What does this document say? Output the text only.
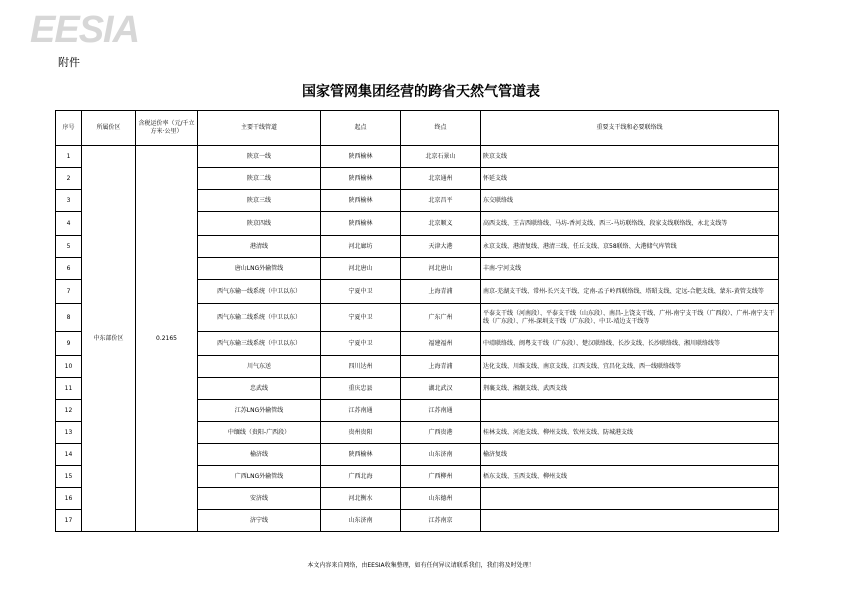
EESIA
附件
国家管网集团经营的跨省天然气管道表
序号	所属价区	含税运价率（元/千立方米·公里）	主要干线管道	起点	终点	重要支干线和必要联络线
1	中东部价区	0.2165	陕京一线	陕西榆林	北京石景山	陕京支线
2			陕京二线	陕西榆林	北京通州	怀延支线
3			陕京三线	陕西榆林	北京昌平	东交联络线
4			陕京四线	陕西榆林	北京顺义	高西支线、王吉西联络线、马坊-香河支线、西三-马坊联络线、段家支线联络线、永北支线等
5			港清线	河北廊坊	天津大港	永京支线、港清复线、港清三线、任丘支线、京58联络、大港储气库管线
6			唐山LNG外输管线	河北唐山	河北唐山	丰南-宁河支线
7			西气东输一线系统（中卫以东）	宁夏中卫	上海青浦	南京-芜湖支干线、常州-长兴支干线、定南-孟子岭西联络线、塔昭支线、定远-合肥支线、蒙东-黄管支线等
8			西气东输二线系统（中卫以东）	宁夏中卫	广东广州	平泰支干线（河南段）、平泰支干线（山东段）、南昌-上饶支干线、广州-南宁支干线（广西段）、广州-南宁支干线（广东段）、广州-深圳支干线（广东段）、中卫-靖边支干线等
9			西气东输三线系统（中卫以东）	宁夏中卫	福建福州	中靖联络线、闽粤支干线（广东段）、楚汉联络线、长沙支线、长沙联络线、湘川联络线等
10			川气东送	四川达州	上海青浦	达化支线、川维支线、南京支线、江西支线、宜昌化支线、西一线联络线等
11			忠武线	重庆忠县	湖北武汉	荆襄支线、湘潮支线、武西支线
12			江苏LNG外输管线	江苏南通	江苏南通	
13			中缅线（贵阳-广西段）	贵州贵阳	广西贵港	桂林支线、河池支线、柳州支线、钦州支线、防城港支线
14			榆济线	陕西榆林	山东济南	榆济复线
15			广西LNG外输管线	广西北海	广西柳州	梧东支线、玉西支线、柳州支线
16			安济线	河北衡水	山东德州	
17			济宁线	山东济南	江苏南京	
本文内容来自网络，由EESIA收集整理，如有任何异议请联系我们，我们将及时处理！
